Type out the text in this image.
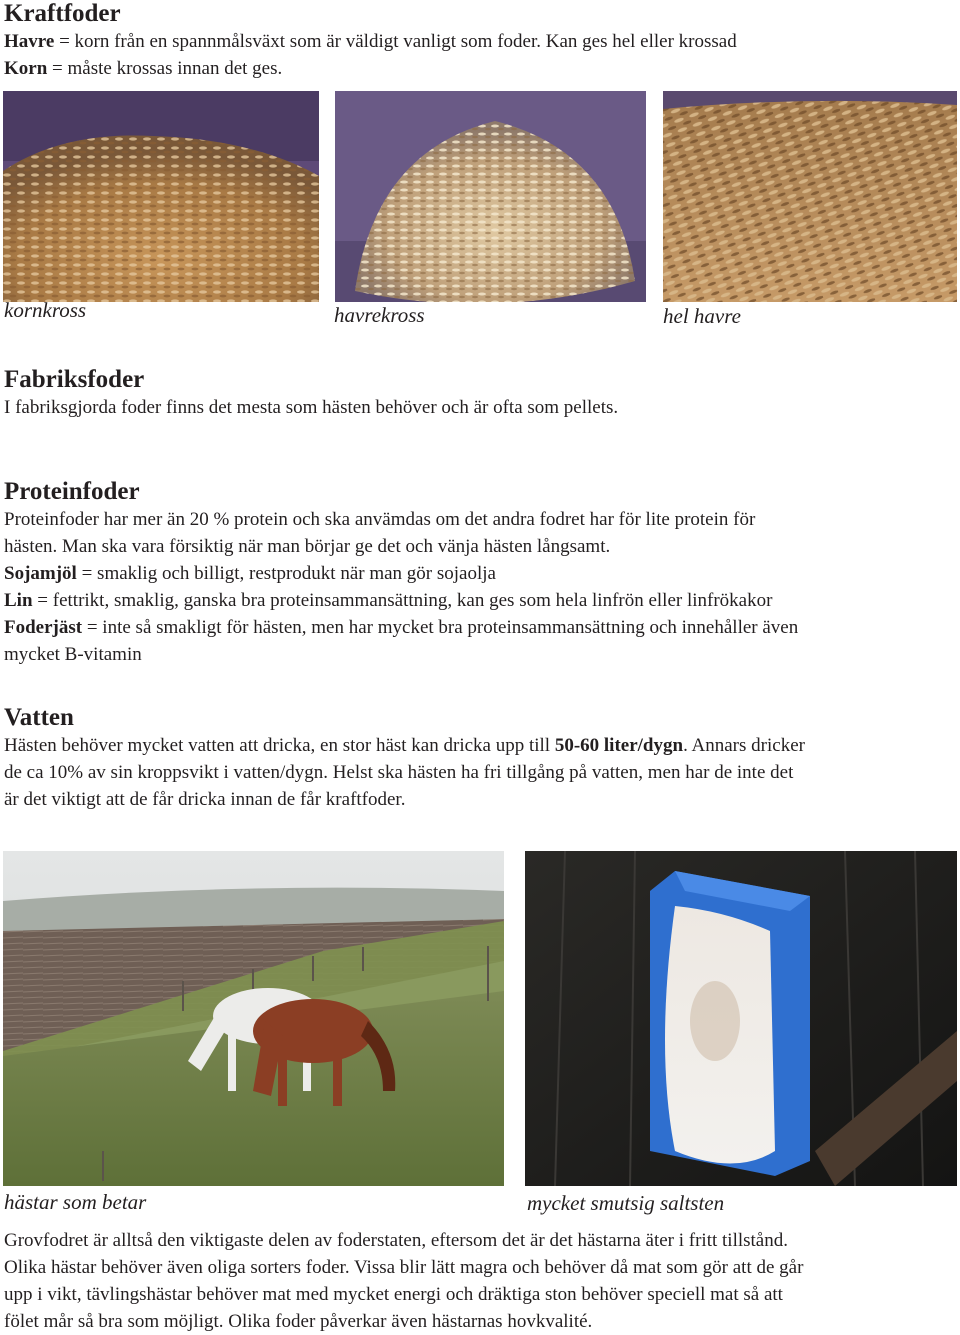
Kraftfoder

Havre = korn från en spannmålsväxt som är väldigt vanligt som foder. Kan ges hel eller krossad

Korn = måste krossas innan det ges.

kornkross	havrekross	hel havre
Fabriksfoder

I fabriksgjorda foder finns det mesta som hästen behöver och är ofta som pellets.

Proteinfoder

Proteinfoder har mer än 20 % protein och ska anvämdas om det andra fodret har för lite protein för

hästen. Man ska vara försiktig när man börjar ge det och vänja hästen långsamt.

Sojamjöl = smaklig och billigt, restprodukt när man gör sojaolja

Lin = fettrikt, smaklig, ganska bra proteinsammansättning, kan ges som hela linfrön eller linfrökakor

Foderjäst = inte så smakligt för hästen, men har mycket bra proteinsammansättning och innehåller även

mycket B-vitamin

Vatten

Hästen behöver mycket vatten att dricka, en stor häst kan dricka upp till 50-60 liter/dygn. Annars dricker

de ca 10% av sin kroppsvikt i vatten/dygn. Helst ska hästen ha fri tillgång på vatten, men har de inte det

är det viktigt att de får dricka innan de får kraftfoder.

hästar som betar	mycket smutsig saltsten

Grovfodret är alltså den viktigaste delen av foderstaten, eftersom det är det hästarna äter i fritt tillstånd.

Olika hästar behöver även oliga sorters foder. Vissa blir lätt magra och behöver då mat som gör att de går

upp i vikt, tävlingshästar behöver mat med mycket energi och dräktiga ston behöver speciell mat så att

fölet mår så bra som möjligt. Olika foder påverkar även hästarnas hovkvalité.
